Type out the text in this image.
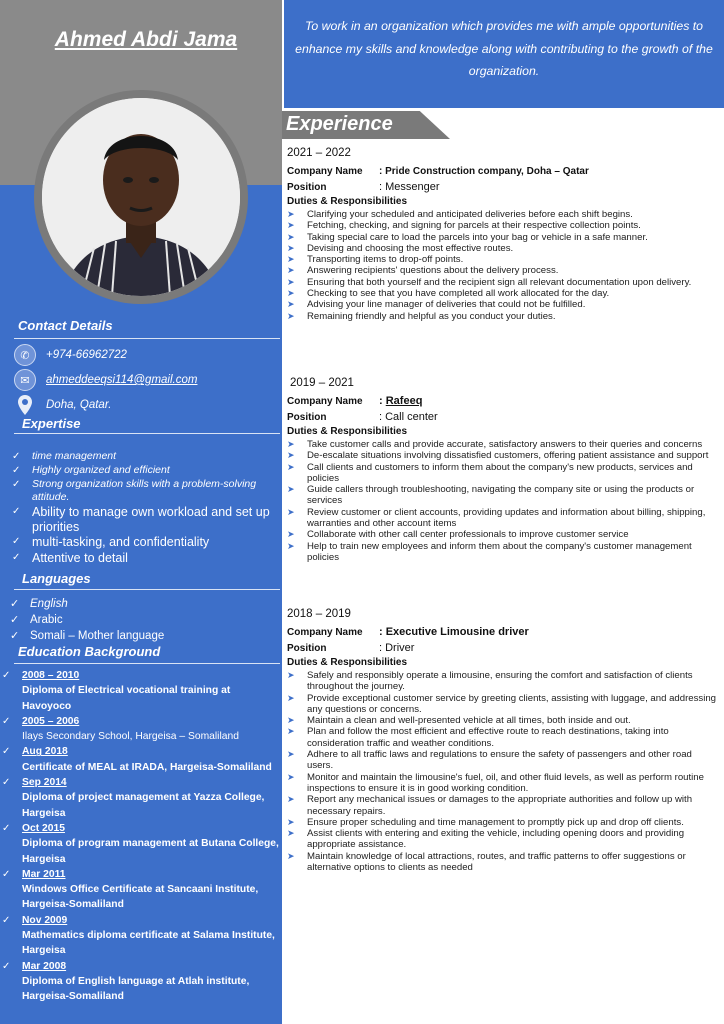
Ahmed Abdi Jama
Contact Details
✆	+974-66962722
✉	ahmeddeeqsi114@gmail.com
Doha, Qatar.
Expertise
✓ time management
✓ Highly organized and efficient
✓ Strong organization skills with a problem-solving attitude.
✓ Ability to manage own workload and set up priorities
✓ multi-tasking, and confidentiality
✓ Attentive to detail
Languages
✓ English
✓ Arabic
✓ Somali – Mother language
Education Background
✓	2008 – 2010
Diploma of Electrical vocational training at Havoyoco
✓	2005 – 2006
Ilays Secondary School, Hargeisa – Somaliland
✓	Aug 2018
Certificate of MEAL at IRADA, Hargeisa-Somaliland
✓	Sep 2014
Diploma of project management at Yazza College, Hargeisa
✓	Oct 2015
Diploma of program management at Butana College, Hargeisa
✓	Mar 2011
Windows Office Certificate at Sancaani Institute, Hargeisa-Somaliland
✓	Nov 2009
Mathematics diploma certificate at Salama Institute, Hargeisa
✓	Mar 2008
Diploma of English language at Atlah institute, Hargeisa-Somaliland
To work in an organization which provides me with ample opportunities to enhance my skills and knowledge along with contributing to the growth of the organization.
Experience
2021 – 2022
Company Name	: Pride Construction company, Doha – Qatar
Position	: Messenger
Duties & Responsibilities
➤	Clarifying your scheduled and anticipated deliveries before each shift begins.
➤	Fetching, checking, and signing for parcels at their respective collection points.
➤	Taking special care to load the parcels into your bag or vehicle in a safe manner.
➤	Devising and choosing the most effective routes.
➤	Transporting items to drop-off points.
➤	Answering recipients' questions about the delivery process.
➤	Ensuring that both yourself and the recipient sign all relevant documentation upon delivery.
➤	Checking to see that you have completed all work allocated for the day.
➤	Advising your line manager of deliveries that could not be fulfilled.
➤	Remaining friendly and helpful as you conduct your duties.
2019 – 2021
Company Name	: Rafeeq
Position	: Call center
Duties & Responsibilities
➤	Take customer calls and provide accurate, satisfactory answers to their queries and concerns
➤	De-escalate situations involving dissatisfied customers, offering patient assistance and support
➤	Call clients and customers to inform them about the company's new products, services and policies
➤	Guide callers through troubleshooting, navigating the company site or using the products or services
➤	Review customer or client accounts, providing updates and information about billing, shipping, warranties and other account items
➤	Collaborate with other call center professionals to improve customer service
➤	Help to train new employees and inform them about the company's customer management policies
2018 – 2019
Company Name	: Executive Limousine driver
Position	: Driver
Duties & Responsibilities
➤	Safely and responsibly operate a limousine, ensuring the comfort and satisfaction of clients throughout the journey.
➤	Provide exceptional customer service by greeting clients, assisting with luggage, and addressing any questions or concerns.
➤	Maintain a clean and well-presented vehicle at all times, both inside and out.
➤	Plan and follow the most efficient and effective route to reach destinations, taking into consideration traffic and weather conditions.
➤	Adhere to all traffic laws and regulations to ensure the safety of passengers and other road users.
➤	Monitor and maintain the limousine's fuel, oil, and other fluid levels, as well as perform routine inspections to ensure it is in good working condition.
➤	Report any mechanical issues or damages to the appropriate authorities and follow up with necessary repairs.
➤	Ensure proper scheduling and time management to promptly pick up and drop off clients.
➤	Assist clients with entering and exiting the vehicle, including opening doors and providing appropriate assistance.
➤	Maintain knowledge of local attractions, routes, and traffic patterns to offer suggestions or alternative options to clients as needed
